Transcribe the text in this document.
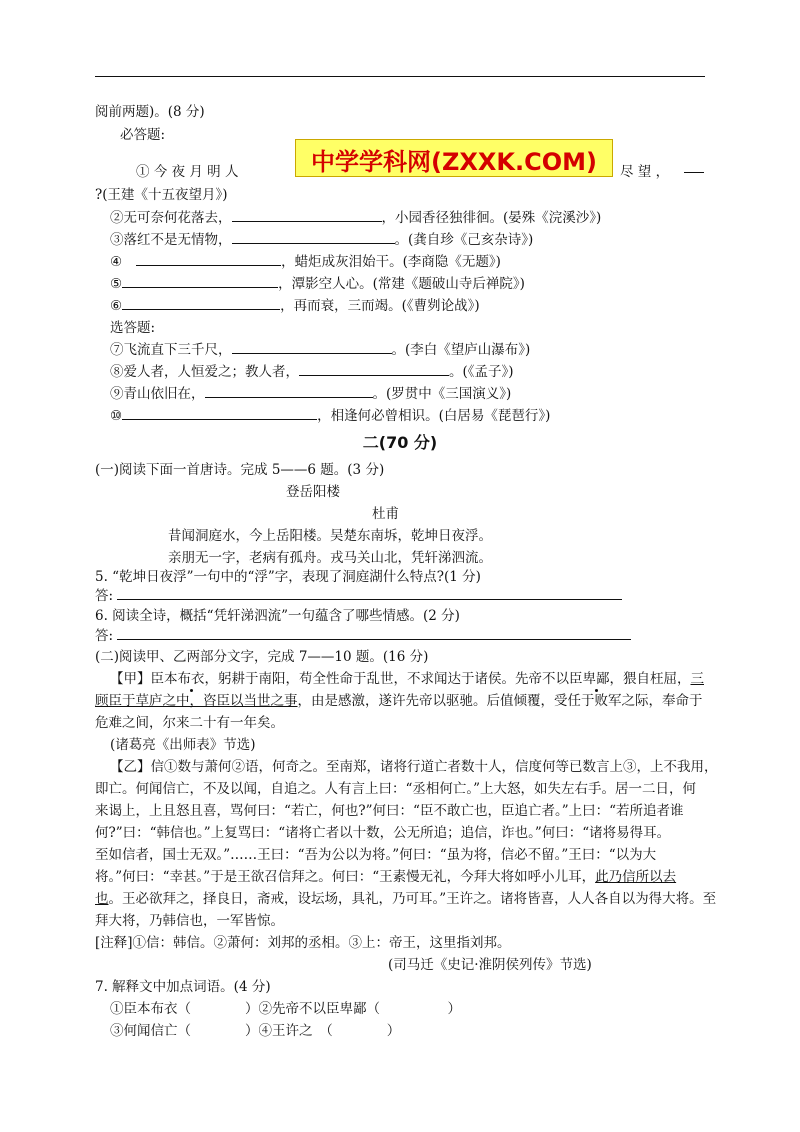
阅前两题)。(8 分)
必答题:
① 今 夜 月 明 人	中学学科网(ZXXK.COM)	尽 望 ，
?(王建《十五夜望月》)
②无可奈何花落去，	，小园香径独徘徊。(晏殊《浣溪沙》)
③落红不是无情物，	。(龚自珍《己亥杂诗》)
④	，蜡炬成灰泪始干。(李商隐《无题》)
⑤	，潭影空人心。(常建《题破山寺后禅院》)
⑥	，再而衰，三而竭。(《曹刿论战》)
选答题:
⑦飞流直下三千尺，	。(李白《望庐山瀑布》)
⑧爱人者，人恒爱之；教人者，	。(《孟子》)
⑨青山依旧在，	。(罗贯中《三国演义》)
⑩	，相逢何必曾相识。(白居易《琵琶行》)
二(70 分)
(一)阅读下面一首唐诗。完成 5——6 题。(3 分)
登岳阳楼
杜甫
昔闻洞庭水，今上岳阳楼。吴楚东南坼，乾坤日夜浮。
亲朋无一字，老病有孤舟。戎马关山北，凭轩涕泗流。
5. “乾坤日夜浮”一句中的“浮”字，表现了洞庭湖什么特点?(1 分)
答:
6. 阅读全诗，概括“凭轩涕泗流”一句蕴含了哪些情感。(2 分)
答:
(二)阅读甲、乙两部分文字，完成 7——10 题。(16 分)
【甲】臣本布衣，躬耕于南阳，苟全性命于乱世，不求闻达于诸侯。先帝不以臣卑鄙，猥自枉屈，三
顾臣于草庐之中，咨臣以当世之事，由是感激，遂许先帝以驱驰。后值倾覆，受任于败军之际，奉命于
危难之间，尔来二十有一年矣。
(诸葛亮《出师表》节选)
【乙】信①数与萧何②语，何奇之。至南郑，诸将行道亡者数十人，信度何等已数言上③，上不我用，
即亡。何闻信亡，不及以闻，自追之。人有言上曰：“丞相何亡。”上大怒，如失左右手。居一二日，何
来谒上，上且怒且喜，骂何曰：“若亡，何也?”何曰：“臣不敢亡也，臣追亡者。”上曰：“若所追者谁
何?”曰：“韩信也。”上复骂曰：“诸将亡者以十数，公无所追；追信，诈也。”何曰：“诸将易得耳。
至如信者，国士无双。”……王曰：“吾为公以为将。”何曰：“虽为将，信必不留。”王曰：“以为大
将。”何曰：“幸甚。”于是王欲召信拜之。何曰：“王素慢无礼，今拜大将如呼小儿耳，此乃信所以去
也。王必欲拜之，择良日，斋戒，设坛场，具礼，乃可耳。”王许之。诸将皆喜，人人各自以为得大将。至
拜大将，乃韩信也，一军皆惊。
[注释]①信：韩信。②萧何：刘邦的丞相。③上：帝王，这里指刘邦。
(司马迁《史记·淮阴侯列传》节选)
7. 解释文中加点词语。(4 分)
①臣本布衣（　　　　）②先帝不以臣卑鄙（　　　　　）
③何闻信亡（　　　　）④王许之　（　　　　）
